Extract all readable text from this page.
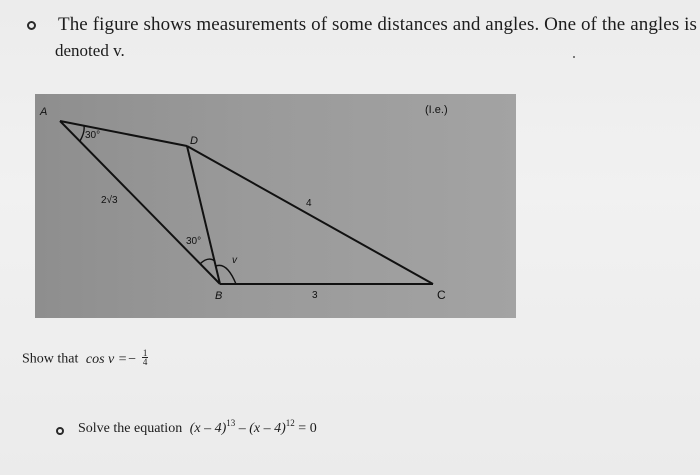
The figure shows measurements of some distances and angles. One of the angles is
denoted v.
A
30°	D
(I.e.)
2√3	4
30°
v
B	3	C
Show that $\cos v =- \frac{1}{4}$
Solve the equation (x – 4)$^{13}$ – (x – 4)$^{12}$ = 0
